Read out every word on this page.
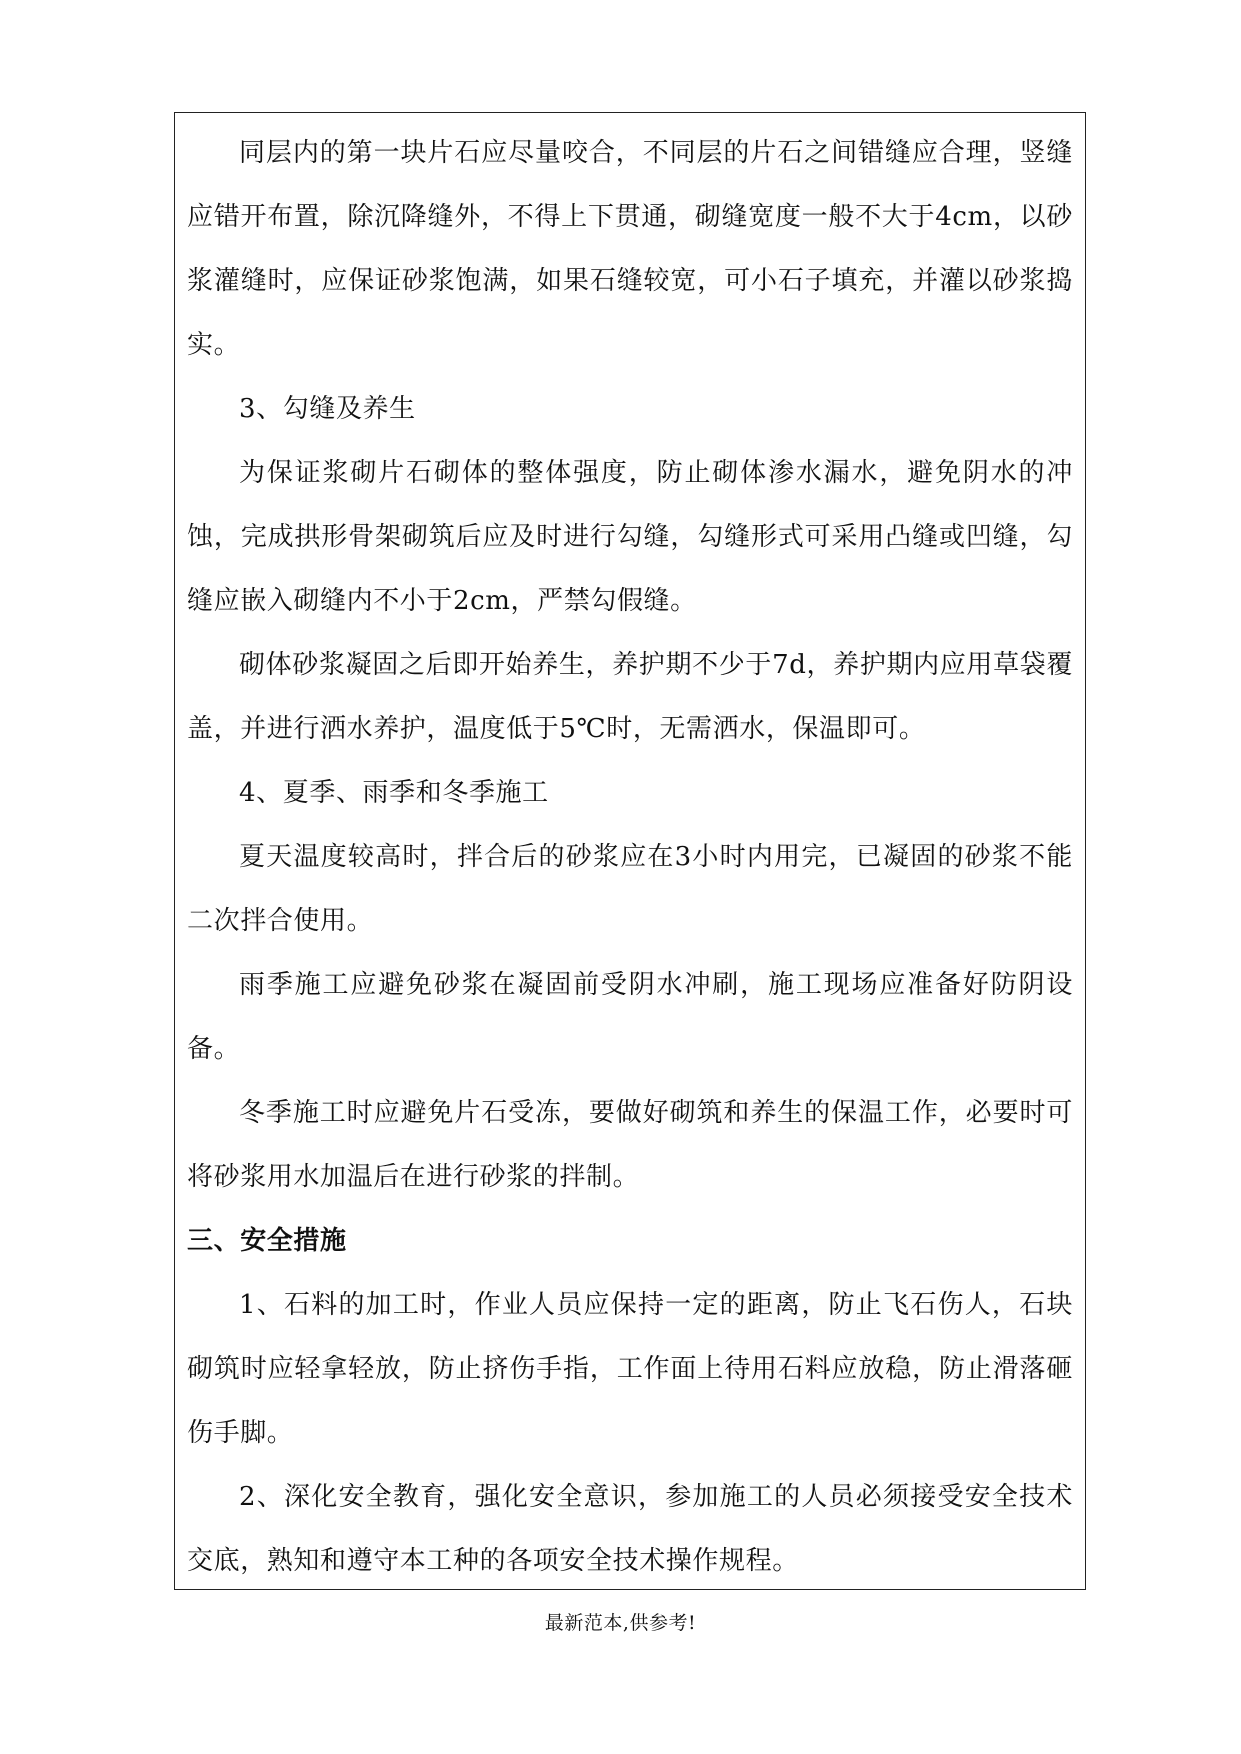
同层内的第一块片石应尽量咬合，不同层的片石之间错缝应合理，竖缝应错开布置，除沉降缝外，不得上下贯通，砌缝宽度一般不大于4cm，以砂浆灌缝时，应保证砂浆饱满，如果石缝较宽，可小石子填充，并灌以砂浆捣实。

3、勾缝及养生

为保证浆砌片石砌体的整体强度，防止砌体渗水漏水，避免阴水的冲蚀，完成拱形骨架砌筑后应及时进行勾缝，勾缝形式可采用凸缝或凹缝，勾缝应嵌入砌缝内不小于2cm，严禁勾假缝。

砌体砂浆凝固之后即开始养生，养护期不少于7d，养护期内应用草袋覆盖，并进行洒水养护，温度低于5℃时，无需洒水，保温即可。

4、夏季、雨季和冬季施工

夏天温度较高时，拌合后的砂浆应在3小时内用完，已凝固的砂浆不能二次拌合使用。

雨季施工应避免砂浆在凝固前受阴水冲刷，施工现场应准备好防阴设备。

冬季施工时应避免片石受冻，要做好砌筑和养生的保温工作，必要时可将砂浆用水加温后在进行砂浆的拌制。

三、安全措施

1、石料的加工时，作业人员应保持一定的距离，防止飞石伤人，石块砌筑时应轻拿轻放，防止挤伤手指，工作面上待用石料应放稳，防止滑落砸伤手脚。

2、深化安全教育，强化安全意识，参加施工的人员必须接受安全技术交底，熟知和遵守本工种的各项安全技术操作规程。

最新范本,供参考!
